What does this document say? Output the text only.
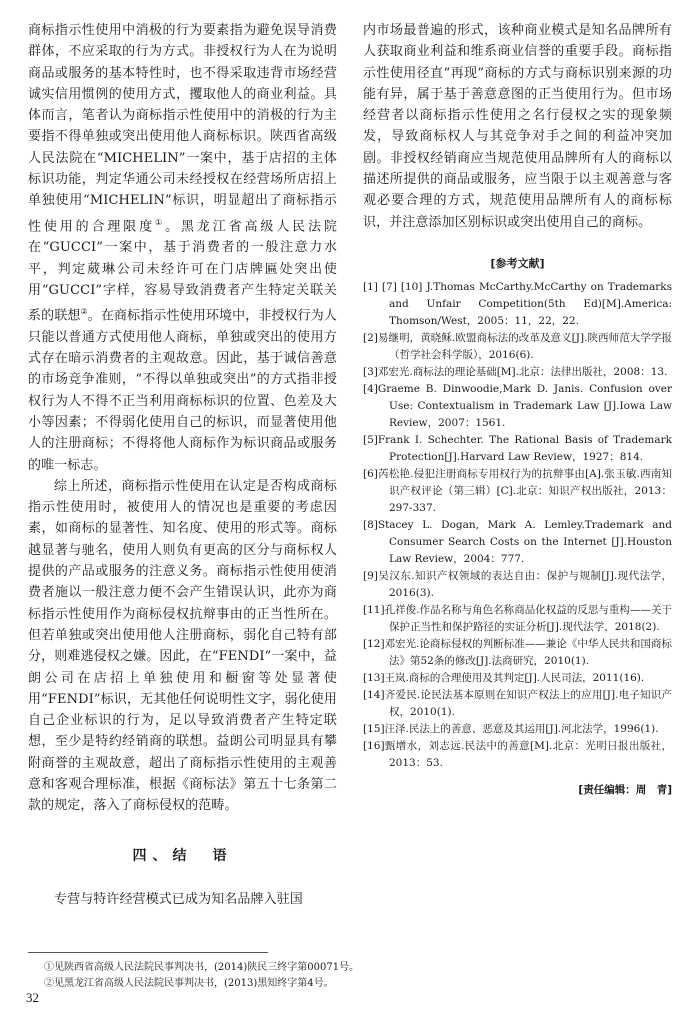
商标指示性使用中消极的行为要素指为避免误导消费群体，不应采取的行为方式。非授权行为人在为说明商品或服务的基本特性时，也不得采取违背市场经营诚实信用惯例的使用方式，攫取他人的商业利益。具体而言，笔者认为商标指示性使用中的消极的行为主要指不得单独或突出使用他人商标标识。陕西省高级人民法院在“MICHELIN”一案中，基于店招的主体标识功能，判定华通公司未经授权在经营场所店招上单独使用“MICHELIN”标识，明显超出了商标指示性使用的合理限度①。黑龙江省高级人民法院在“GUCCI”一案中，基于消费者的一般注意力水平，判定葳琳公司未经许可在门店牌匾处突出使用“GUCCI”字样，容易导致消费者产生特定关联关系的联想②。在商标指示性使用环境中，非授权行为人只能以普通方式使用他人商标，单独或突出的使用方式存在暗示消费者的主观故意。因此，基于诚信善意的市场竞争准则，“不得以单独或突出”的方式指非授权行为人不得不正当利用商标标识的位置、色差及大小等因素；不得弱化使用自己的标识，而显著使用他人的注册商标；不得将他人商标作为标识商品或服务的唯一标志。

综上所述，商标指示性使用在认定是否构成商标指示性使用时，被使用人的情况也是重要的考虑因素，如商标的显著性、知名度、使用的形式等。商标越显著与驰名，使用人则负有更高的区分与商标权人提供的产品或服务的注意义务。商标指示性使用使消费者施以一般注意力便不会产生错误认识，此亦为商标指示性使用作为商标侵权抗辩事由的正当性所在。但若单独或突出使用他人注册商标，弱化自己特有部分，则难逃侵权之嫌。因此，在“FENDI”一案中，益朗公司在店招上单独使用和橱窗等处显著使用“FENDI”标识，无其他任何说明性文字，弱化使用自己企业标识的行为，足以导致消费者产生特定联想，至少是特约经销商的联想。益朗公司明显具有攀附商誉的主观故意，超出了商标指示性使用的主观善意和客观合理标准，根据《商标法》第五十七条第二款的规定，落入了商标侵权的范畴。

四、结　语

专营与特许经营模式已成为知名品牌入驻国

内市场最普遍的形式，该种商业模式是知名品牌所有人获取商业利益和维系商业信誉的重要手段。商标指示性使用径直“再现”商标的方式与商标识别来源的功能有异，属于基于善意意图的正当使用行为。但市场经营者以商标指示性使用之名行侵权之实的现象频发，导致商标权人与其竞争对手之间的利益冲突加剧。非授权经销商应当规范使用品牌所有人的商标以描述所提供的商品或服务，应当限于以主观善意与客观必要合理的方式，规范使用品牌所有人的商标标识，并注意添加区别标识或突出使用自己的商标。

[参考文献]
[1] [7] [10] J.Thomas McCarthy.McCarthy on Trademarks and Unfair Competition(5th Ed)[M].America: Thomson/West，2005：11，22，22.
[2]易继明，黄晓稣.欧盟商标法的改革及意义[J].陕西师范大学学报（哲学社会科学版），2016(6).
[3]邓宏光.商标法的理论基础[M].北京：法律出版社，2008：13.
[4]Graeme B. Dinwoodie,Mark D. Janis. Confusion over Use: Contextualism in Trademark Law [J].Iowa Law Review，2007：1561.
[5]Frank I. Schechter. The Rational Basis of Trademark Protection[J].Harvard Law Review，1927：814.
[6]芮松艳.侵犯注册商标专用权行为的抗辩事由[A].张玉敏.西南知识产权评论（第三辑）[C].北京：知识产权出版社，2013：297-337.
[8]Stacey L. Dogan, Mark A. Lemley.Trademark and Consumer Search Costs on the Internet [J].Houston Law Review，2004：777.
[9]吴汉东.知识产权领域的表达自由：保护与规制[J].现代法学，2016(3).
[11]孔祥俊.作品名称与角色名称商品化权益的反思与重构——关于保护正当性和保护路径的实证分析[J].现代法学，2018(2).
[12]邓宏光.论商标侵权的判断标准——兼论《中华人民共和国商标法》第52条的修改[J].法商研究，2010(1).
[13]王岚.商标的合理使用及其判定[J].人民司法，2011(16).
[14]齐爱民.论民法基本原则在知识产权法上的应用[J].电子知识产权，2010(1).
[15]汪泽.民法上的善意、恶意及其运用[J].河北法学，1996(1).
[16]甄增水，刘志远.民法中的善意[M].北京：光明日报出版社，2013：53.
[责任编辑：周　青]

①见陕西省高级人民法院民事判决书，(2014)陕民三终字第00071号。

②见黑龙江省高级人民法院民事判决书，(2013)黑知终字第4号。

32
